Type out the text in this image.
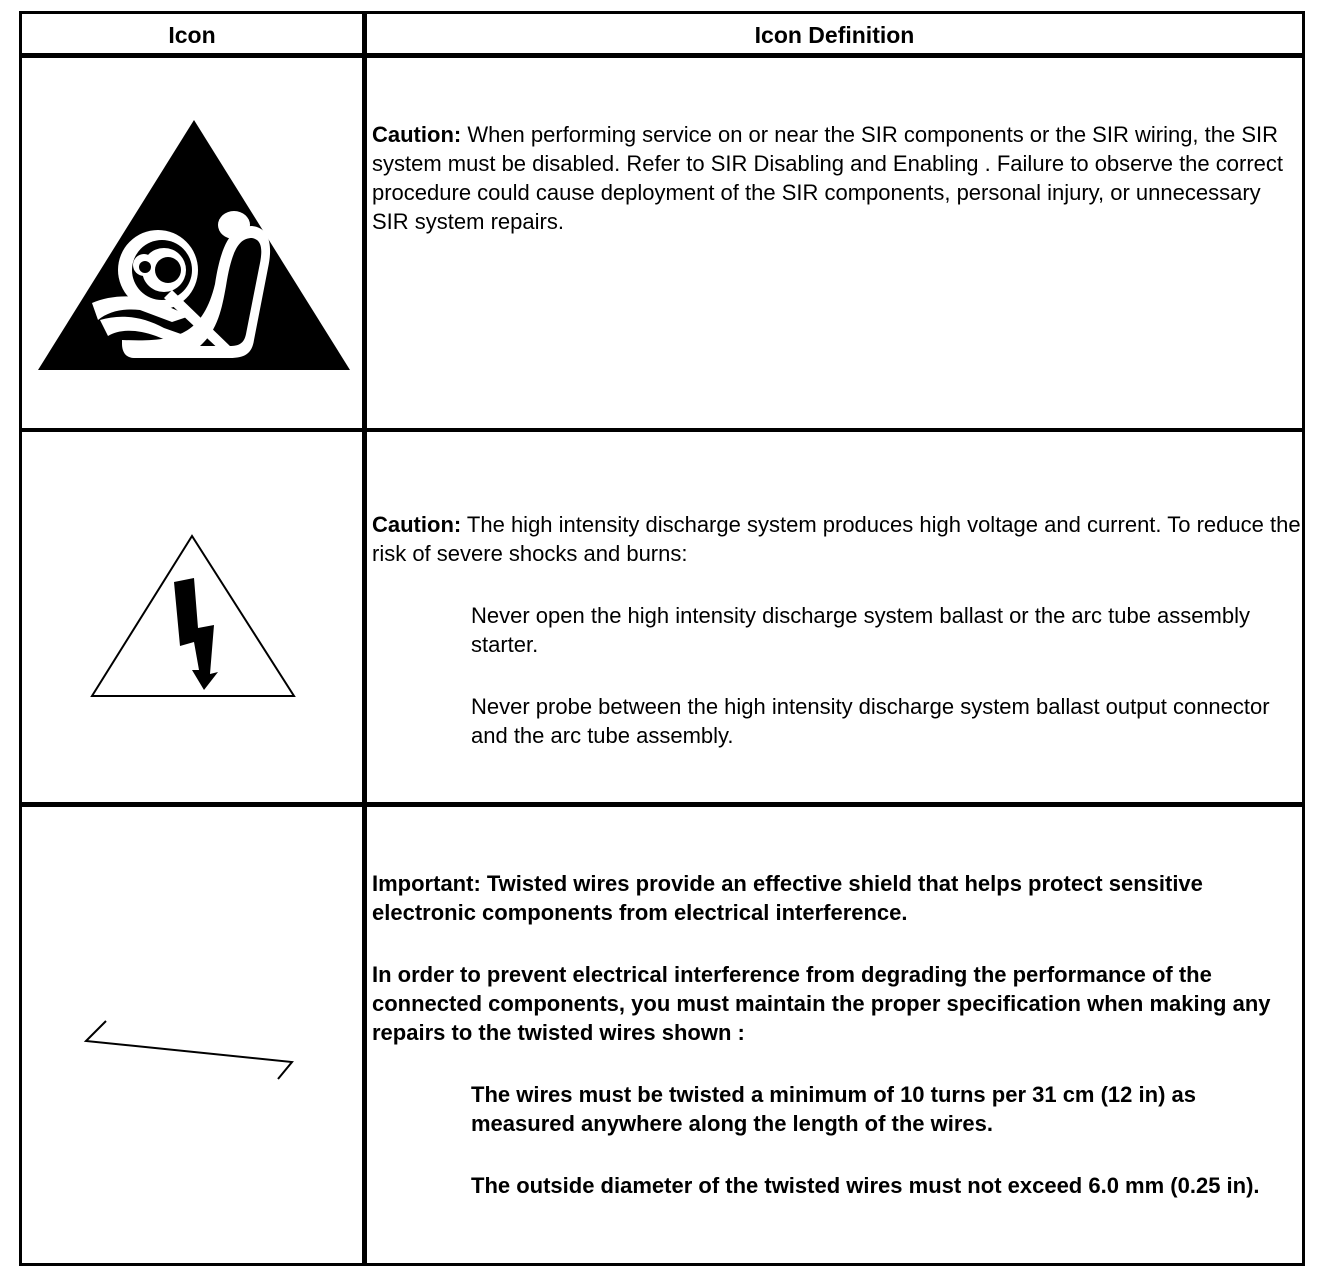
Icon	Icon Definition

Caution: When performing service on or near the SIR components or the SIR wiring, the SIR system must be disabled. Refer to SIR Disabling and Enabling . Failure to observe the correct procedure could cause deployment of the SIR components, personal injury, or unnecessary SIR system repairs.

Caution: The high intensity discharge system produces high voltage and current. To reduce the risk of severe shocks and burns:

Never open the high intensity discharge system ballast or the arc tube assembly starter.

Never probe between the high intensity discharge system ballast output connector and the arc tube assembly.

Important: Twisted wires provide an effective shield that helps protect sensitive electronic components from electrical interference.

In order to prevent electrical interference from degrading the performance of the connected components, you must maintain the proper specification when making any repairs to the twisted wires shown :

The wires must be twisted a minimum of 10 turns per 31 cm (12 in) as measured anywhere along the length of the wires.

The outside diameter of the twisted wires must not exceed 6.0 mm (0.25 in).
